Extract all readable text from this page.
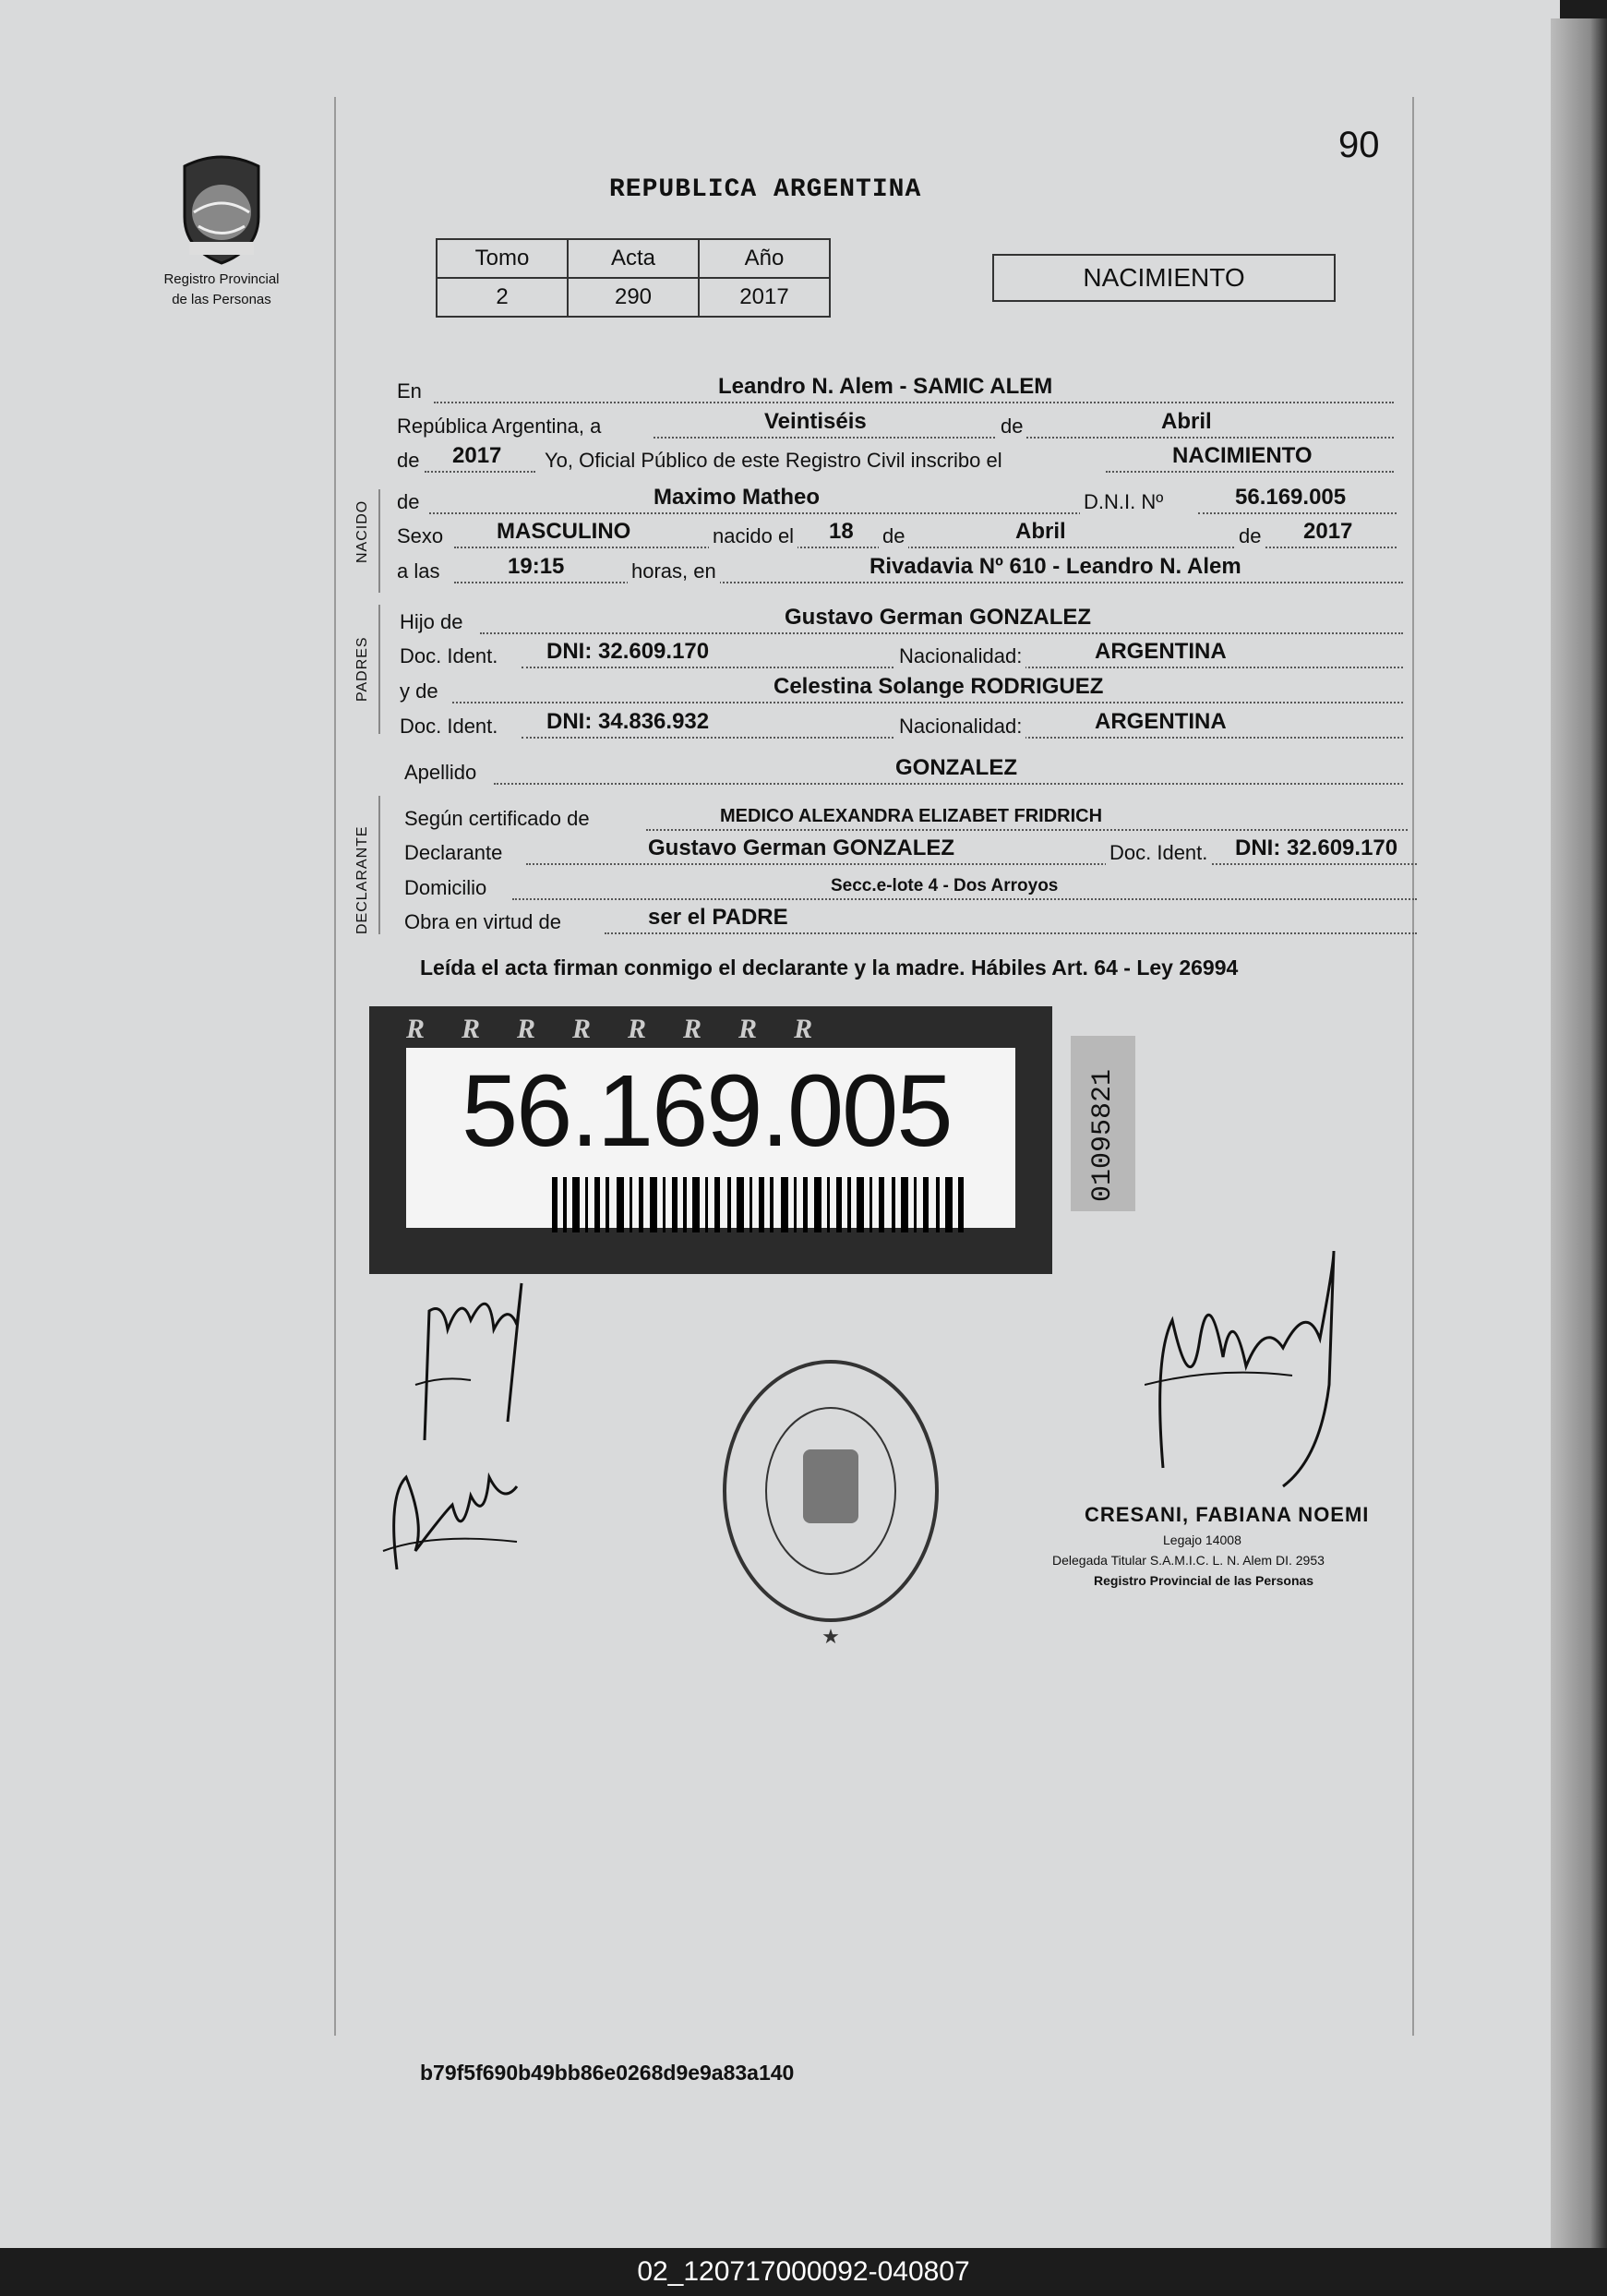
90
Registro Provincial
de las Personas
REPUBLICA ARGENTINA
Tomo	Acta	Año
2	290	2017
NACIMIENTO
En	Leandro N. Alem - SAMIC ALEM
República Argentina, a	Veintiséis	de	Abril
de 2017 Yo, Oficial Público de este Registro Civil inscribo el	NACIMIENTO
NACIDO de	Maximo Matheo	D.N.I. Nº	56.169.005
Sexo MASCULINO	nacido el 18 de	Abril	de 2017
a las	19:15	horas, en	Rivadavia Nº 610 - Leandro N. Alem
PADRES
Hijo de	Gustavo German GONZALEZ
Doc. Ident. DNI: 32.609.170	Nacionalidad:	ARGENTINA
y de	Celestina Solange RODRIGUEZ
Doc. Ident. DNI: 34.836.932	Nacionalidad:	ARGENTINA
Apellido	GONZALEZ
DECLARANTE
Según certificado de	MEDICO ALEXANDRA ELIZABET FRIDRICH
Declarante	Gustavo German GONZALEZ	Doc. Ident. DNI: 32.609.170
Domicilio	Secc.e-lote 4 - Dos Arroyos
Obra en virtud de	ser el PADRE
Leída el acta firman conmigo el declarante y la madre. Hábiles Art. 64 - Ley 26994
RRRRRRRR
56.169.005	01095821
★
CRESANI, FABIANA NOEMI
Legajo 14008
Delegada Titular S.A.M.I.C. L. N. Alem DI. 2953
Registro Provincial de las Personas
b79f5f690b49bb86e0268d9e9a83a140
02_120717000092-040807
